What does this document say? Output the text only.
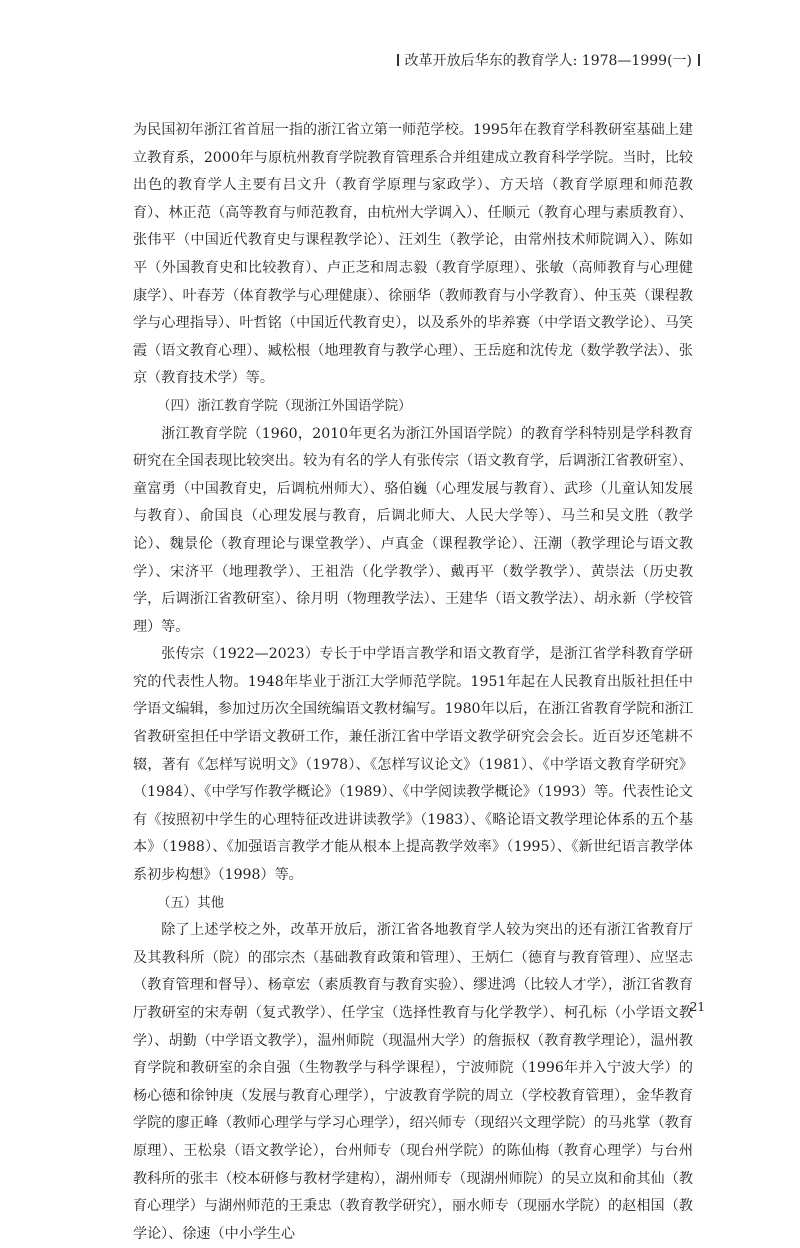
改革开放后华东的教育学人: 1978—1999(一)

为民国初年浙江省首屈一指的浙江省立第一师范学校。1995年在教育学科教研室基础上建立教育系，2000年与原杭州教育学院教育管理系合并组建成立教育科学学院。当时，比较出色的教育学人主要有吕文升（教育学原理与家政学）、方天培（教育学原理和师范教育）、林正范（高等教育与师范教育，由杭州大学调入）、任顺元（教育心理与素质教育）、张伟平（中国近代教育史与课程教学论）、汪刘生（教学论，由常州技术师院调入）、陈如平（外国教育史和比较教育）、卢正芝和周志毅（教育学原理）、张敏（高师教育与心理健康学）、叶春芳（体育教学与心理健康）、徐丽华（教师教育与小学教育）、仲玉英（课程教学与心理指导）、叶哲铭（中国近代教育史），以及系外的毕养赛（中学语文教学论）、马笑霞（语文教育心理）、臧松根（地理教育与教学心理）、王岳庭和沈传龙（数学教学法）、张京（教育技术学）等。

（四）浙江教育学院（现浙江外国语学院）

浙江教育学院（1960，2010年更名为浙江外国语学院）的教育学科特别是学科教育研究在全国表现比较突出。较为有名的学人有张传宗（语文教育学，后调浙江省教研室）、童富勇（中国教育史，后调杭州师大）、骆伯巍（心理发展与教育）、武珍（儿童认知发展与教育）、俞国良（心理发展与教育，后调北师大、人民大学等）、马兰和吴文胜（教学论）、魏景伦（教育理论与课堂教学）、卢真金（课程教学论）、汪潮（教学理论与语文教学）、宋济平（地理教学）、王祖浩（化学教学）、戴再平（数学教学）、黄崇法（历史教学，后调浙江省教研室）、徐月明（物理教学法）、王建华（语文教学法）、胡永新（学校管理）等。

张传宗（1922—2023）专长于中学语言教学和语文教育学，是浙江省学科教育学研究的代表性人物。1948年毕业于浙江大学师范学院。1951年起在人民教育出版社担任中学语文编辑，参加过历次全国统编语文教材编写。1980年以后，在浙江省教育学院和浙江省教研室担任中学语文教研工作，兼任浙江省中学语文教学研究会会长。近百岁还笔耕不辍，著有《怎样写说明文》（1978）、《怎样写议论文》（1981）、《中学语文教育学研究》（1984）、《中学写作教学概论》（1989）、《中学阅读教学概论》（1993）等。代表性论文有《按照初中学生的心理特征改进讲读教学》（1983）、《略论语文教学理论体系的五个基本》（1988）、《加强语言教学才能从根本上提高教学效率》（1995）、《新世纪语言教学体系初步构想》（1998）等。

（五）其他

除了上述学校之外，改革开放后，浙江省各地教育学人较为突出的还有浙江省教育厅及其教科所（院）的邵宗杰（基础教育政策和管理）、王炳仁（德育与教育管理）、应坚志（教育管理和督导）、杨章宏（素质教育与教育实验）、缪进鸿（比较人才学），浙江省教育厅教研室的宋寿朝（复式教学）、任学宝（选择性教育与化学教学）、柯孔标（小学语文教学）、胡勤（中学语文教学），温州师院（现温州大学）的詹振权（教育教学理论），温州教育学院和教研室的余自强（生物教学与科学课程），宁波师院（1996年并入宁波大学）的杨心德和徐钟庚（发展与教育心理学），宁波教育学院的周立（学校教育管理），金华教育学院的廖正峰（教师心理学与学习心理学），绍兴师专（现绍兴文理学院）的马兆掌（教育原理）、王松泉（语文教学论），台州师专（现台州学院）的陈仙梅（教育心理学）与台州教科所的张丰（校本研修与教材学建构），湖州师专（现湖州师院）的吴立岚和俞其仙（教育心理学）与湖州师范的王秉忠（教育教学研究），丽水师专（现丽水学院）的赵相国（教学论）、徐速（中小学生心

21
